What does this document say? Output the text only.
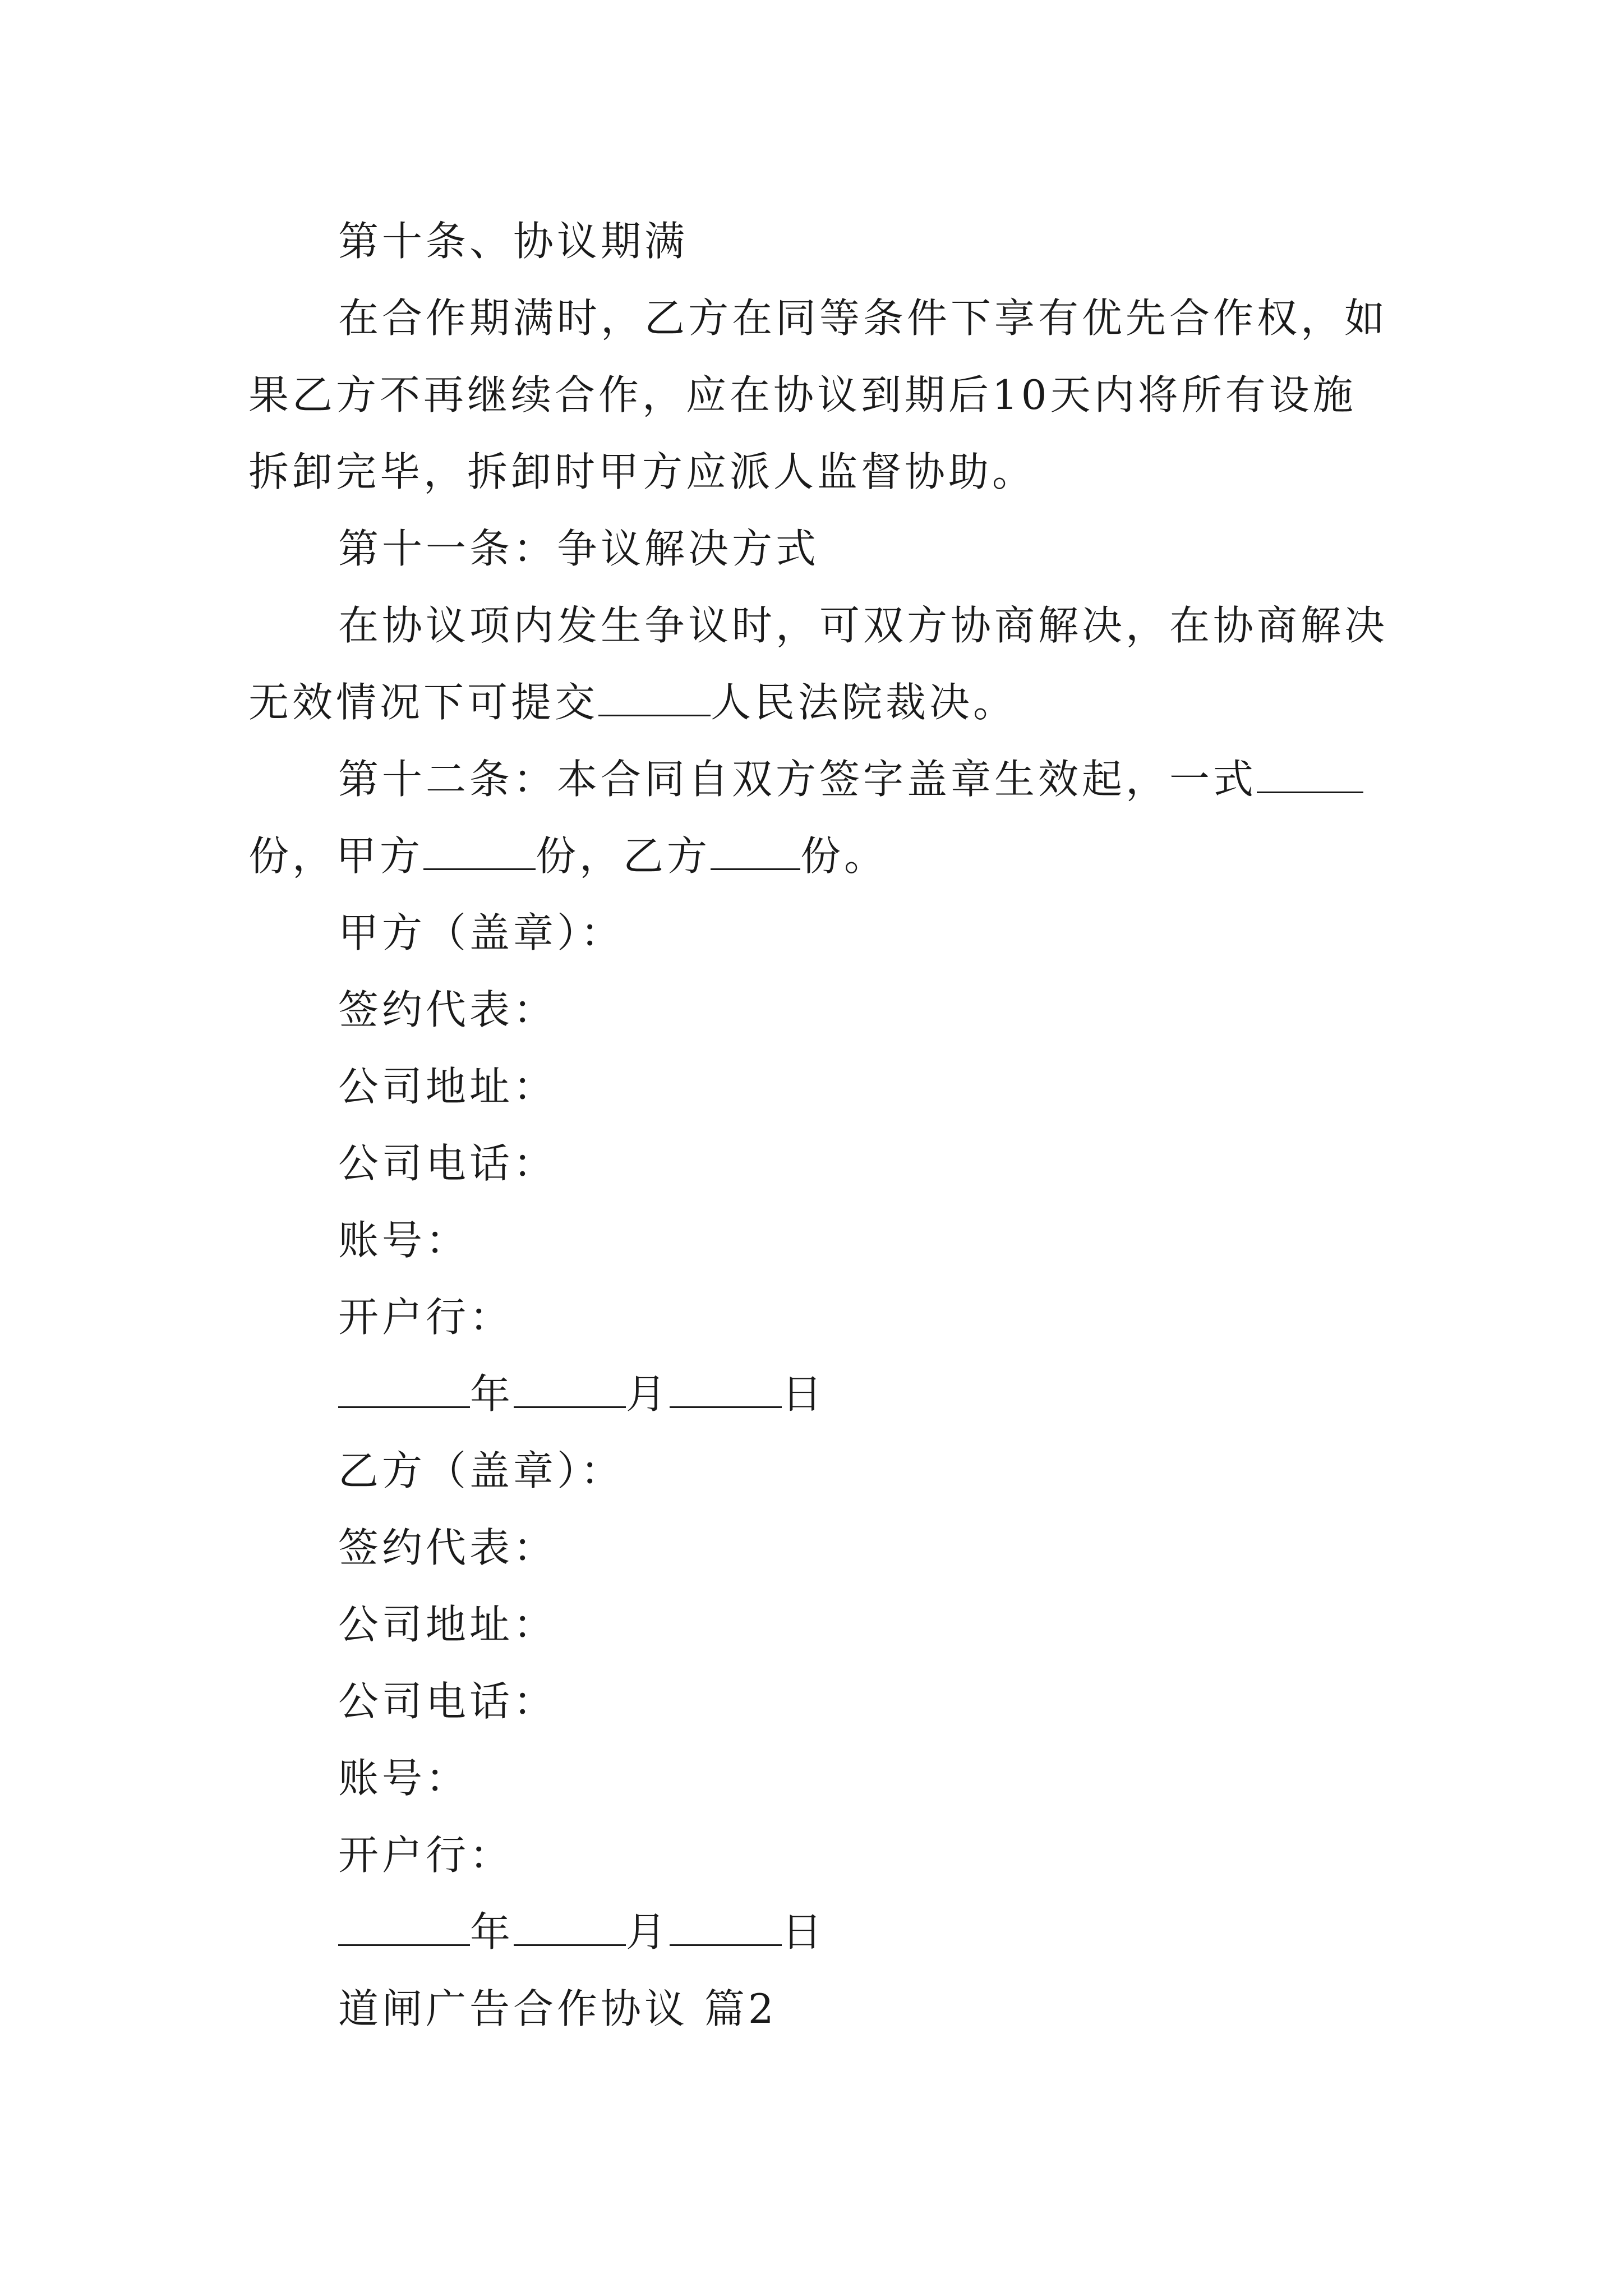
第十条、协议期满
在合作期满时，乙方在同等条件下享有优先合作权，如
果乙方不再继续合作，应在协议到期后10天内将所有设施
拆卸完毕，拆卸时甲方应派人监督协助。
第十一条：争议解决方式
在协议项内发生争议时，可双方协商解决，在协商解决
无效情况下可提交	人民法院裁决。
第十二条：本合同自双方签字盖章生效起，一式
份，甲方	份，乙方 份。
甲方（盖章）：
签约代表：
公司地址：
公司电话：
账号：
开户行：
年	月	日
乙方（盖章）：
签约代表：
公司地址：
公司电话：
账号：
开户行：
年	月	日
道闸广告合作协议 篇2
